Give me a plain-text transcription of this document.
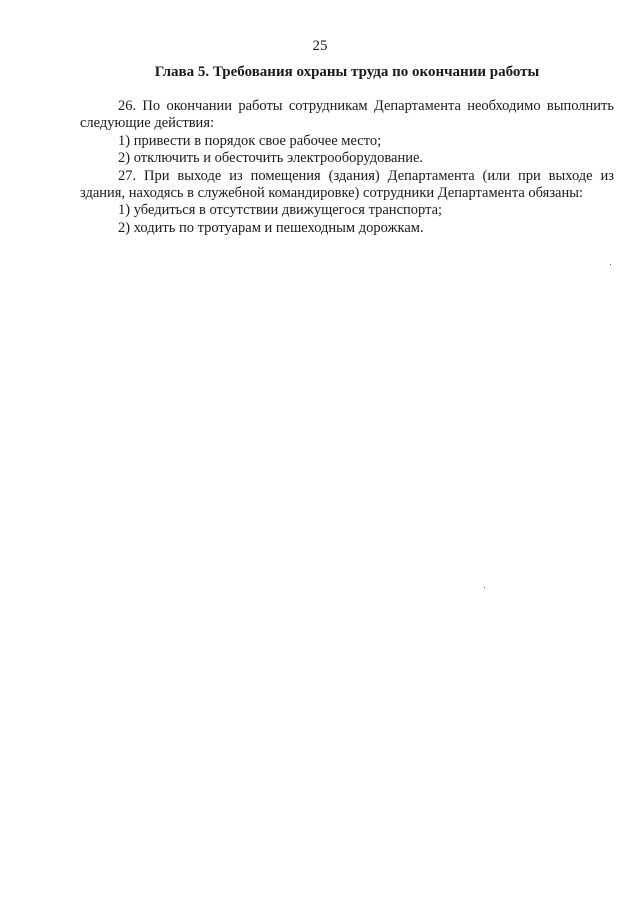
25
Глава 5. Требования охраны труда по окончании работы

26. По окончании работы сотрудникам Департамента необходимо выполнить следующие действия:

1) привести в порядок свое рабочее место;

2) отключить и обесточить электрооборудование.

27. При выходе из помещения (здания) Департамента (или при выходе из здания, находясь в служебной командировке) сотрудники Департамента обязаны:

1) убедиться в отсутствии движущегося транспорта;

2) ходить по тротуарам и пешеходным дорожкам.
